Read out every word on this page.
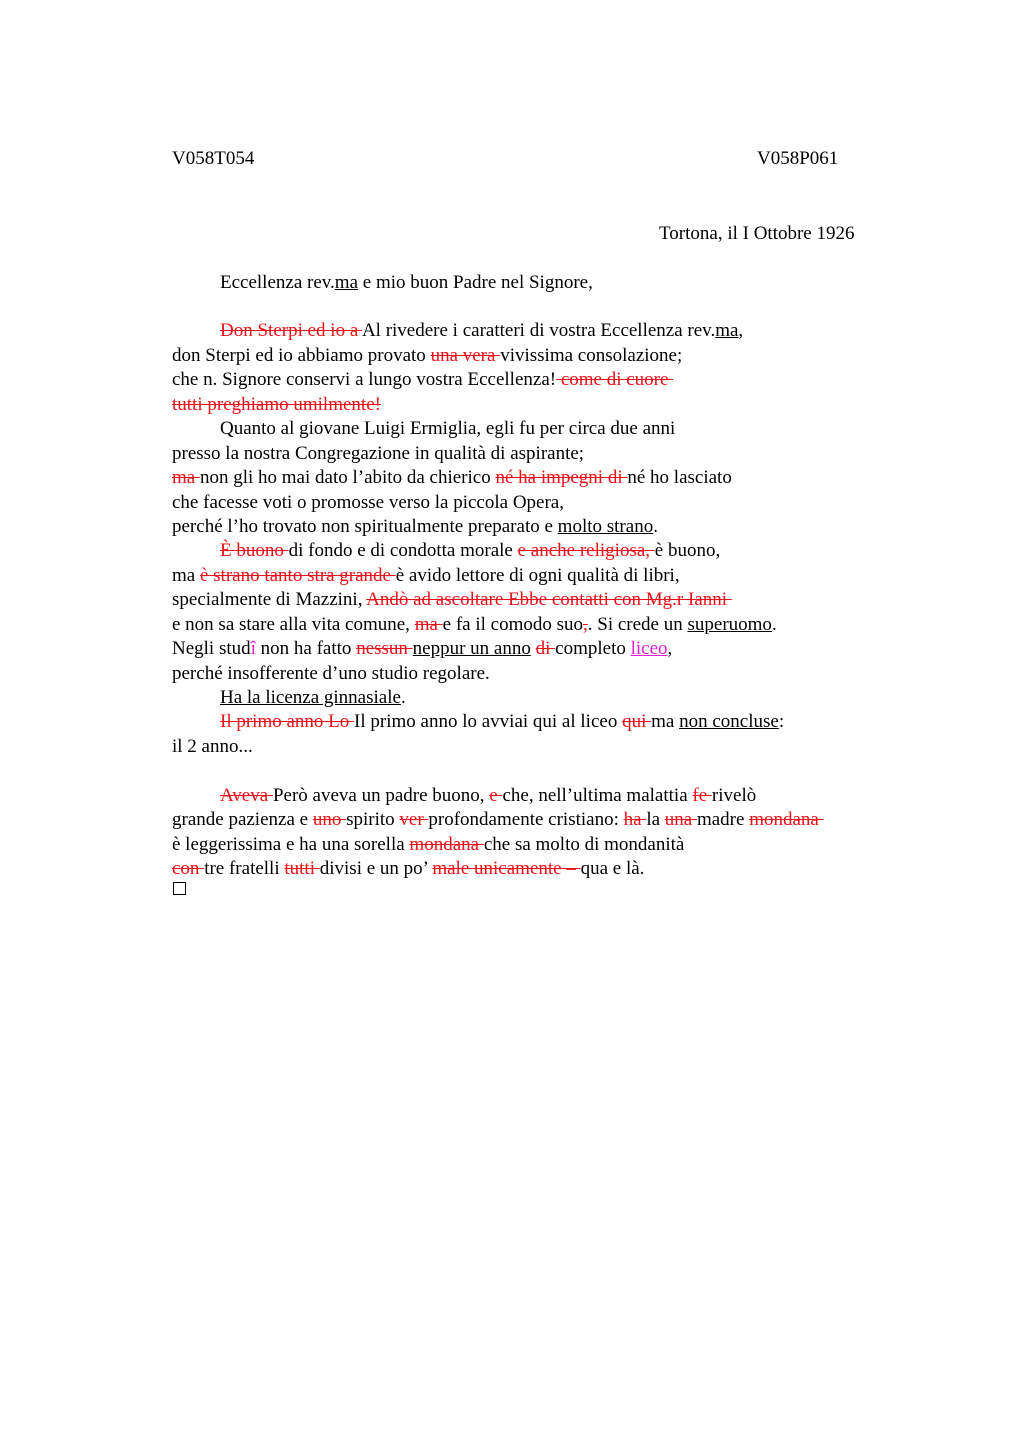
V058T054	V058P061
Tortona, il I Ottobre 1926
Eccellenza rev.ma e mio buon Padre nel Signore,
Don Sterpi ed io a Al rivedere i caratteri di vostra Eccellenza rev.ma,
don Sterpi ed io abbiamo provato una vera vivissima consolazione;
che n. Signore conservi a lungo vostra Eccellenza! come di cuore
tutti preghiamo umilmente!
Quanto al giovane Luigi Ermiglia, egli fu per circa due anni
presso la nostra Congregazione in qualità di aspirante;
ma non gli ho mai dato l’abito da chierico né ha impegni di né ho lasciato
che facesse voti o promosse verso la piccola Opera,
perché l’ho trovato non spiritualmente preparato e molto strano.
È buono di fondo e di condotta morale e anche religiosa, è buono,
ma è strano tanto stra grande è avido lettore di ogni qualità di libri,
specialmente di Mazzini, Andò ad ascoltare Ebbe contatti con Mg.r Ianni
e non sa stare alla vita comune, ma e fa il comodo suo,. Si crede un superuomo.
Negli studî non ha fatto nessun neppur un anno di completo liceo,
perché insofferente d’uno studio regolare.
Ha la licenza ginnasiale.
Il primo anno Lo Il primo anno lo avviai qui al liceo qui ma non concluse:
il 2 anno...
Aveva Però aveva un padre buono, e che, nell’ultima malattia fe rivelò
grande pazienza e uno spirito ver profondamente cristiano: ha la una madre mondana
è leggerissima e ha una sorella mondana che sa molto di mondanità
con tre fratelli tutti divisi e un po’ male unicamente – qua e là.
